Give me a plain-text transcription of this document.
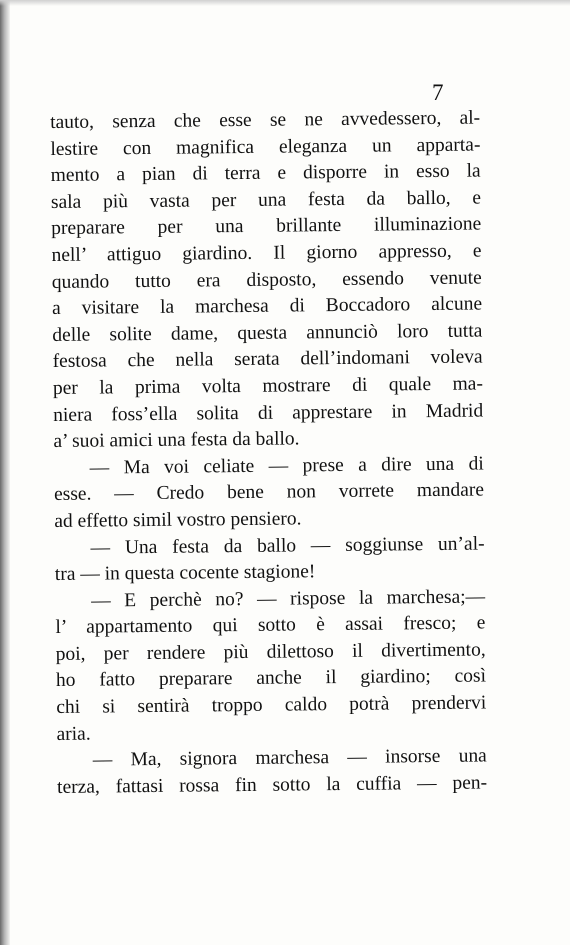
7
tauto, senza che esse se ne avvedessero, al-
lestire con magnifica eleganza un apparta-
mento a pian di terra e disporre in esso la
sala più vasta per una festa da ballo, e
preparare per una brillante illuminazione
nell’ attiguo giardino. Il giorno appresso, e
quando tutto era disposto, essendo venute
a visitare la marchesa di Boccadoro alcune
delle solite dame, questa annunciò loro tutta
festosa che nella serata dell’indomani voleva
per la prima volta mostrare di quale ma-
niera foss’ella solita di apprestare in Madrid
a’ suoi amici una festa da ballo.
— Ma voi celiate — prese a dire una di
esse. — Credo bene non vorrete mandare
ad effetto simil vostro pensiero.
— Una festa da ballo — soggiunse un’al-
tra — in questa cocente stagione!
— E perchè no? — rispose la marchesa;—
l’ appartamento qui sotto è assai fresco; e
poi, per rendere più dilettoso il divertimento,
ho fatto preparare anche il giardino; così
chi si sentirà troppo caldo potrà prendervi
aria.
— Ma, signora marchesa — insorse una
terza, fattasi rossa fin sotto la cuffia — pen-
